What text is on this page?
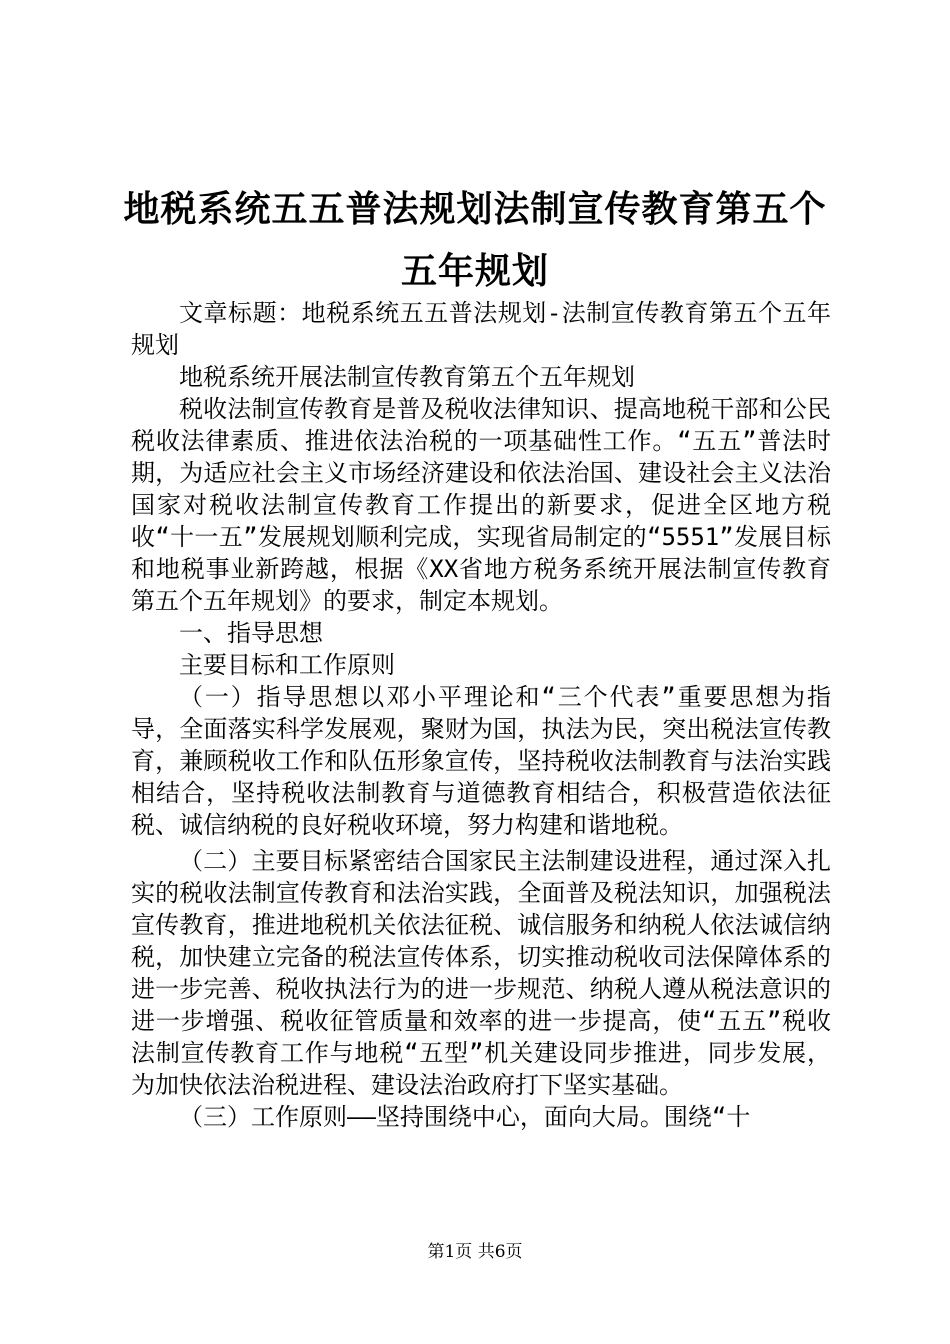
地税系统五五普法规划法制宣传教育第五个五年规划

文章标题：地税系统五五普法规划-法制宣传教育第五个五年规划

地税系统开展法制宣传教育第五个五年规划

税收法制宣传教育是普及税收法律知识、提高地税干部和公民税收法律素质、推进依法治税的一项基础性工作。“五五”普法时期，为适应社会主义市场经济建设和依法治国、建设社会主义法治国家对税收法制宣传教育工作提出的新要求，促进全区地方税收“十一五”发展规划顺利完成，实现省局制定的“5551”发展目标和地税事业新跨越，根据《XX省地方税务系统开展法制宣传教育第五个五年规划》的要求，制定本规划。

一、指导思想

主要目标和工作原则

（一）指导思想以邓小平理论和“三个代表”重要思想为指导，全面落实科学发展观，聚财为国，执法为民，突出税法宣传教育，兼顾税收工作和队伍形象宣传，坚持税收法制教育与法治实践相结合，坚持税收法制教育与道德教育相结合，积极营造依法征税、诚信纳税的良好税收环境，努力构建和谐地税。

（二）主要目标紧密结合国家民主法制建设进程，通过深入扎实的税收法制宣传教育和法治实践，全面普及税法知识，加强税法宣传教育，推进地税机关依法征税、诚信服务和纳税人依法诚信纳税，加快建立完备的税法宣传体系，切实推动税收司法保障体系的进一步完善、税收执法行为的进一步规范、纳税人遵从税法意识的进一步增强、税收征管质量和效率的进一步提高，使“五五”税收法制宣传教育工作与地税“五型”机关建设同步推进，同步发展，为加快依法治税进程、建设法治政府打下坚实基础。

（三）工作原则——坚持围绕中心，面向大局。围绕“十

第1页 共6页
